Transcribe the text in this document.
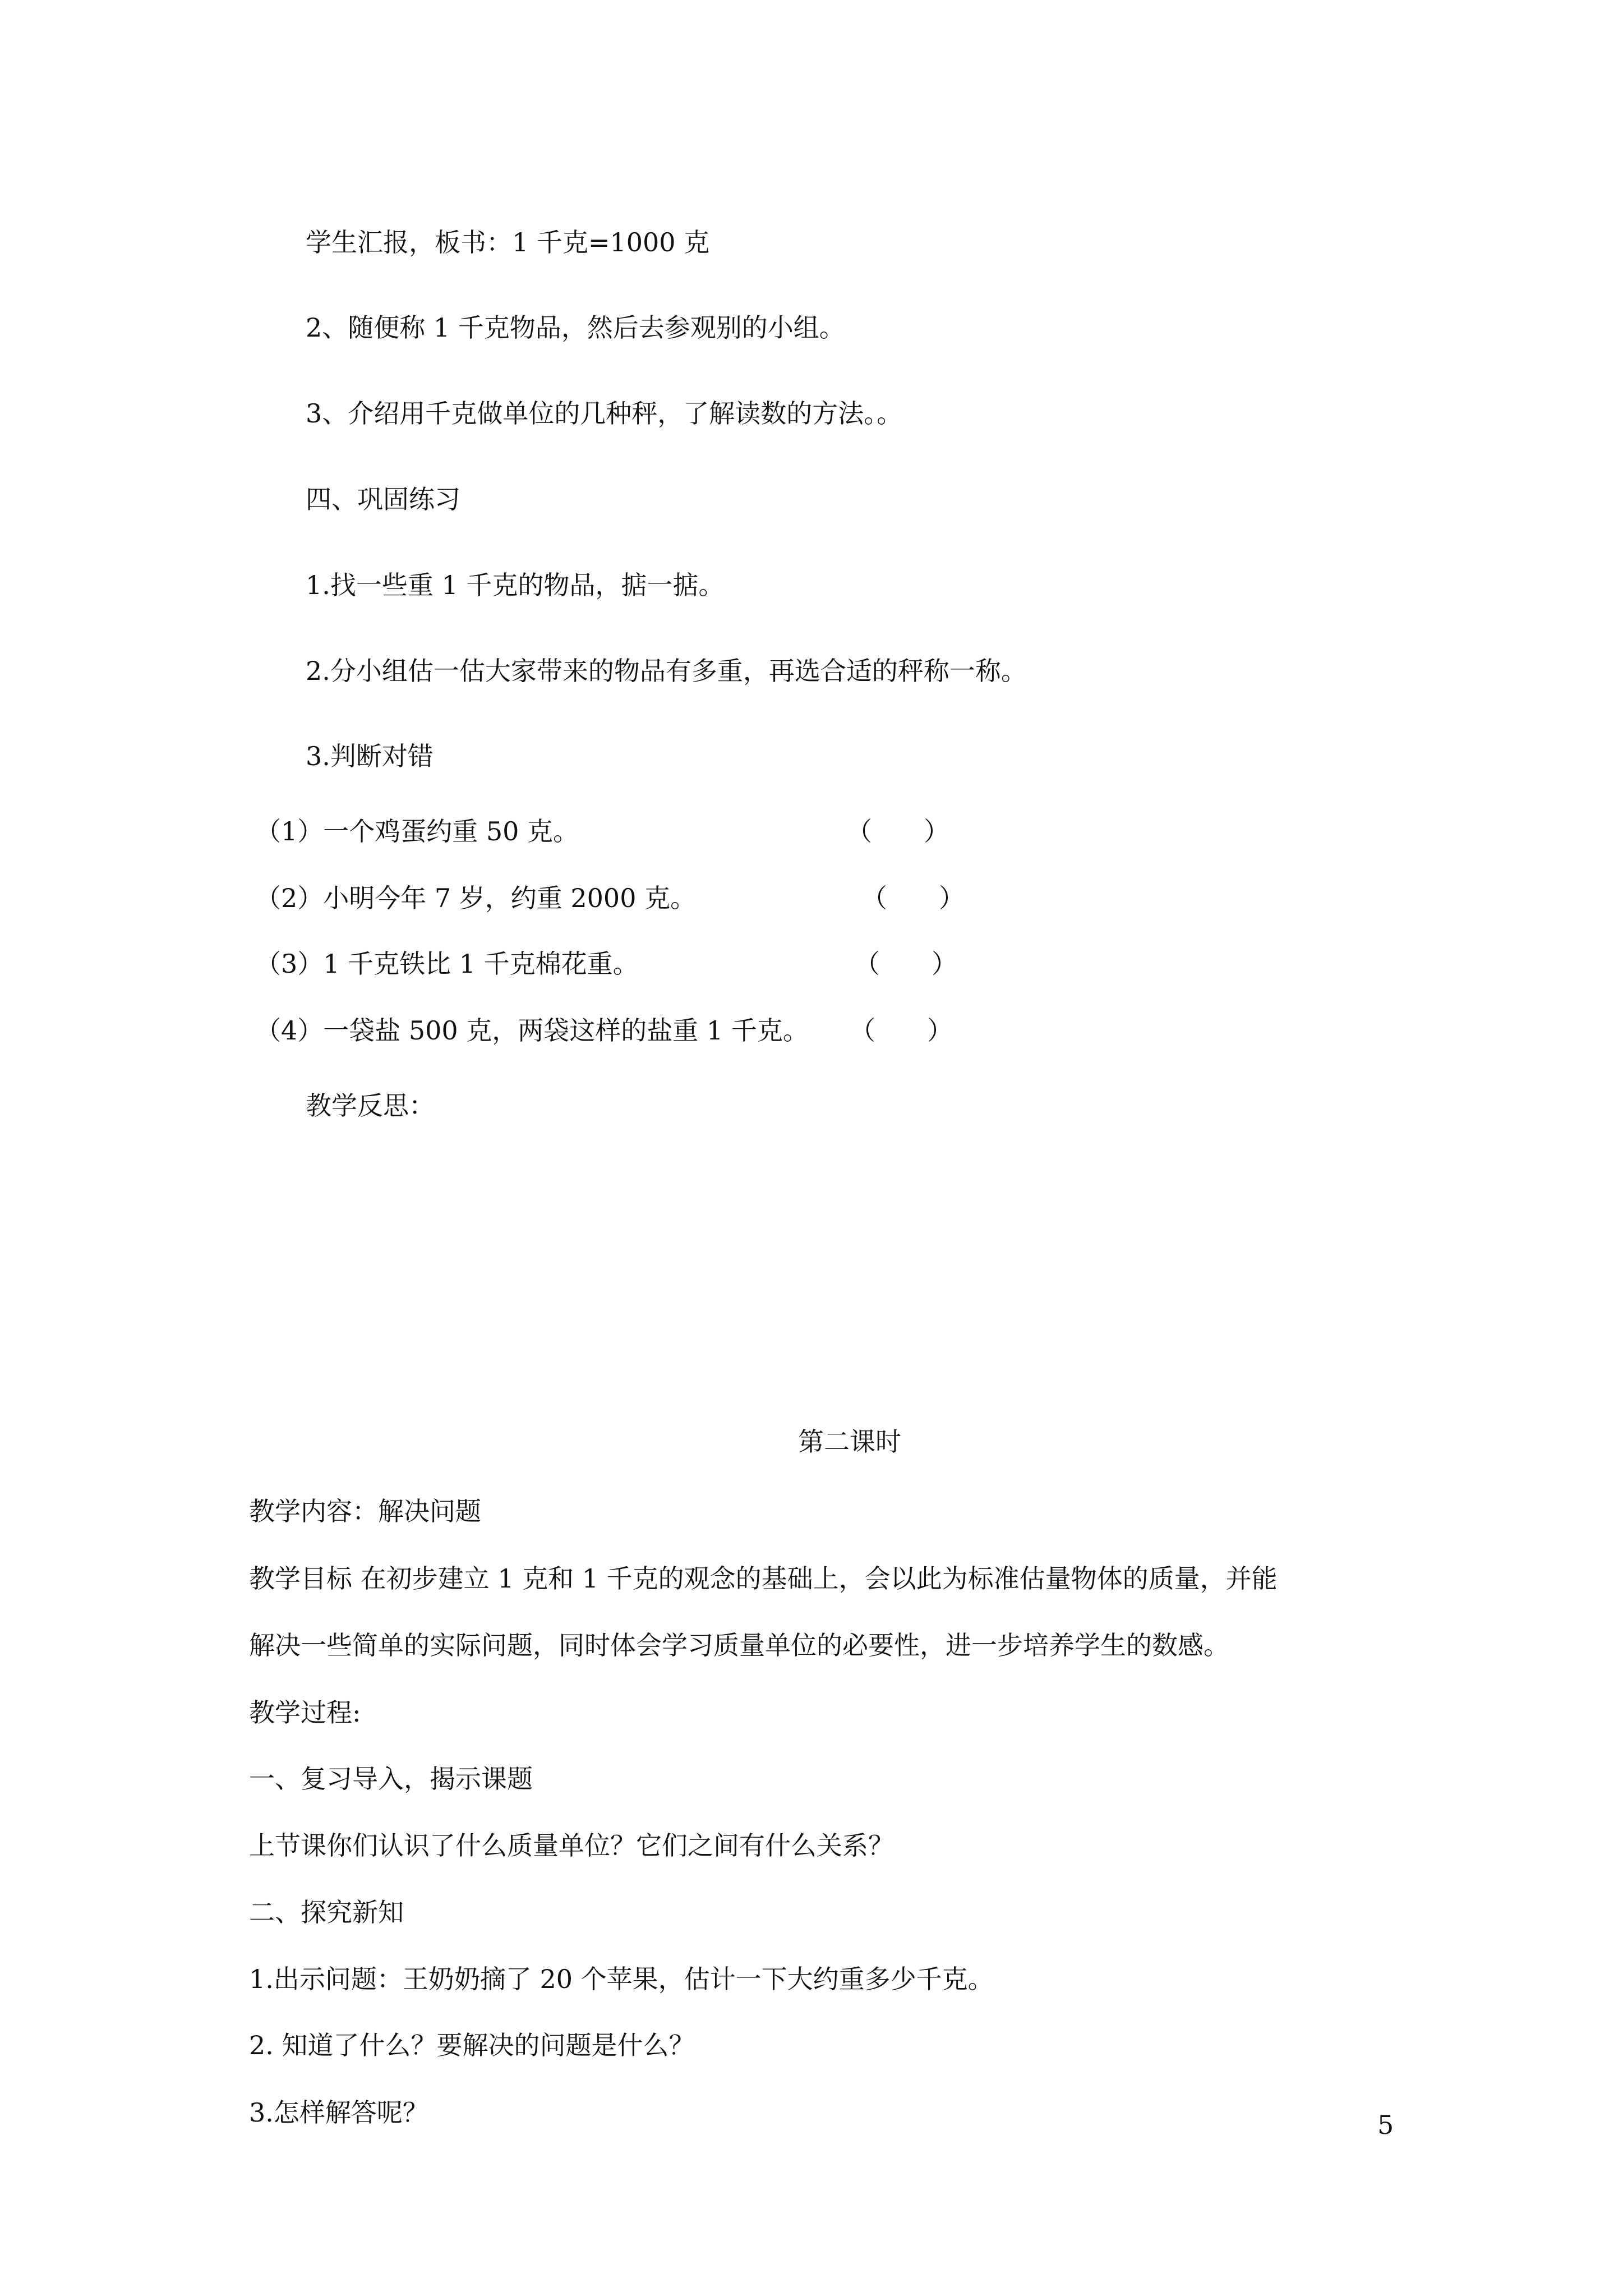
学生汇报，板书：1 千克=1000 克
2、随便称 1 千克物品，然后去参观别的小组。
3、介绍用千克做单位的几种秤，了解读数的方法。。
四、巩固练习
1.找一些重 1 千克的物品，掂一掂。
2.分小组估一估大家带来的物品有多重，再选合适的秤称一称。
3.判断对错
（1）一个鸡蛋约重 50 克。	（　　）
（2）小明今年 7 岁，约重 2000 克。	（　　）
（3）1 千克铁比 1 千克棉花重。	（　　）
（4）一袋盐 500 克，两袋这样的盐重 1 千克。 （　　）
教学反思：
第二课时
教学内容：解决问题
教学目标 在初步建立 1 克和 1 千克的观念的基础上，会以此为标准估量物体的质量，并能
解决一些简单的实际问题，同时体会学习质量单位的必要性，进一步培养学生的数感。
教学过程:
一、复习导入，揭示课题
上节课你们认识了什么质量单位？它们之间有什么关系？
二、探究新知
1.出示问题：王奶奶摘了 20 个苹果，估计一下大约重多少千克。
2. 知道了什么？要解决的问题是什么？
3.怎样解答呢？	5
